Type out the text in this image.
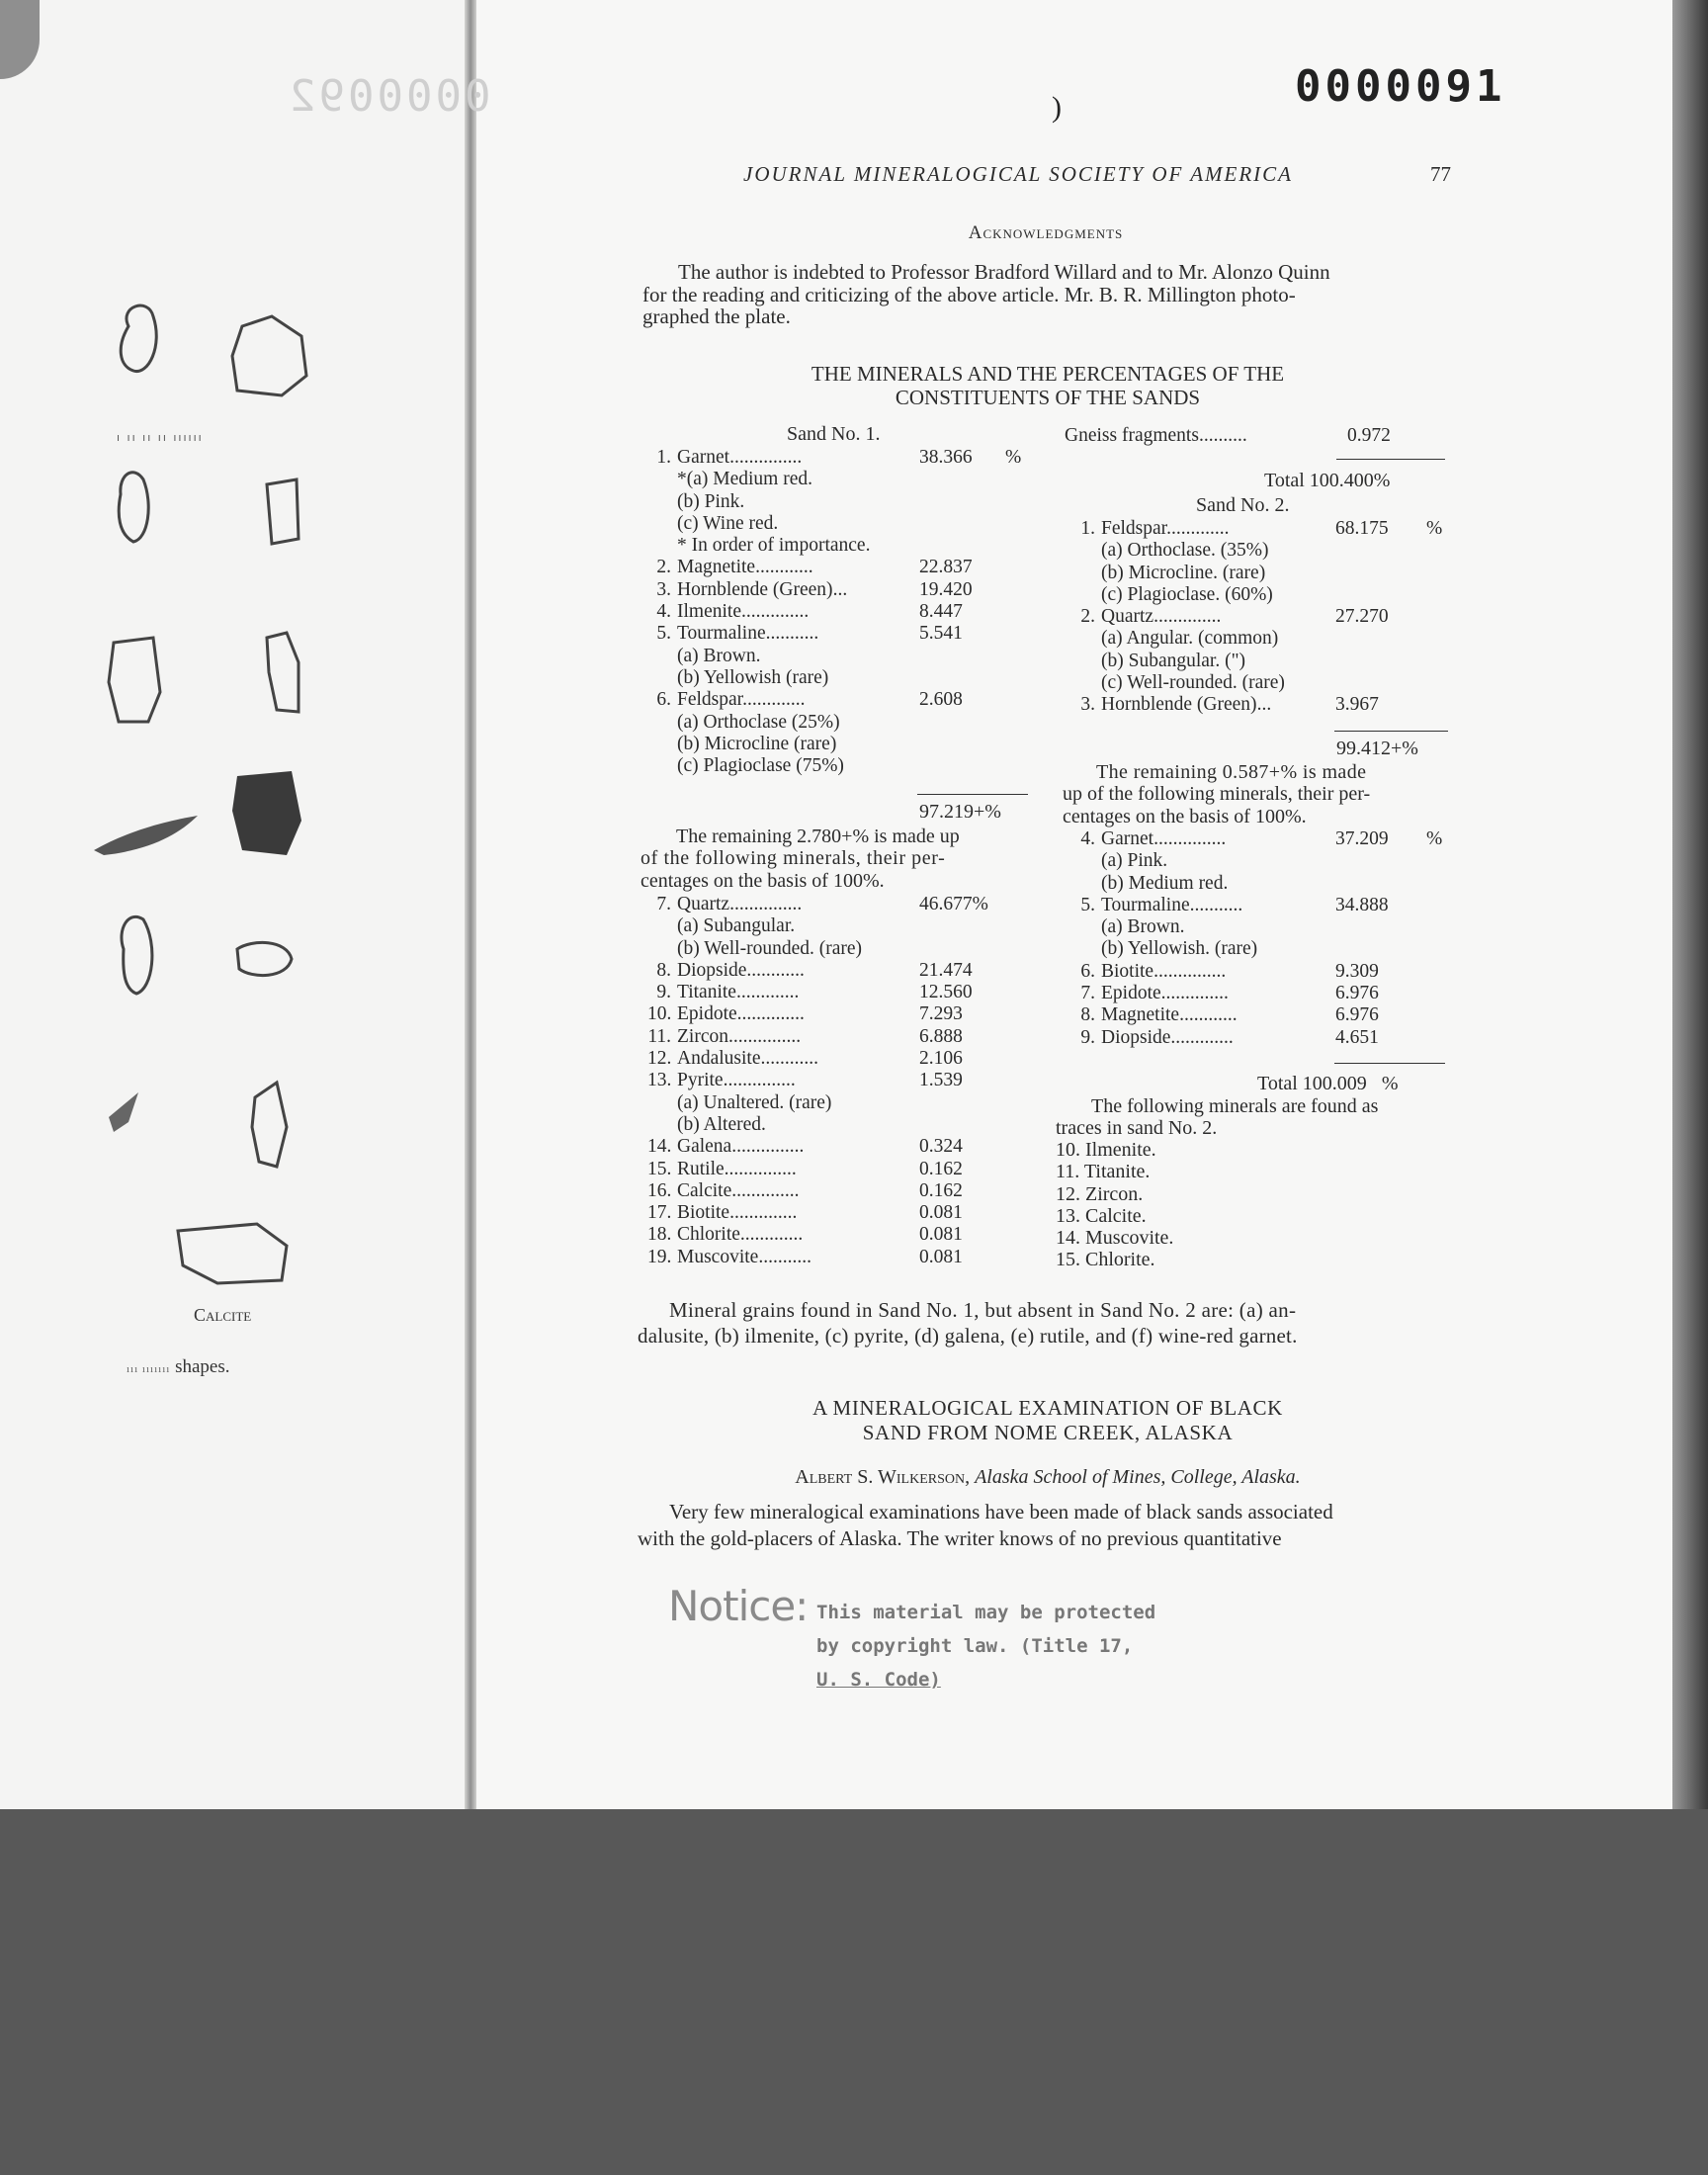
0000092
ı ıı ıı ıı ıııııı
Calcite
ııı ııııııı shapes.
0000091
)
JOURNAL MINERALOGICAL SOCIETY OF AMERICA	77
Acknowledgments
The author is indebted to Professor Bradford Willard and to Mr. Alonzo Quinn
for the reading and criticizing of the above article. Mr. B. R. Millington photo-
graphed the plate.
THE MINERALS AND THE PERCENTAGES OF THE
CONSTITUENTS OF THE SANDS
Sand No. 1.
1. Garnet...............	38.366 %
*(a) Medium red.
(b) Pink.
(c) Wine red.
* In order of importance.
2. Magnetite............	22.837
3. Hornblende (Green)...	19.420
4. Ilmenite..............	8.447
5. Tourmaline...........	5.541
(a) Brown.
(b) Yellowish (rare)
6. Feldspar.............	2.608
(a) Orthoclase (25%)
(b) Microcline (rare)
(c) Plagioclase (75%)
97.219+%
The remaining 2.780+% is made up
of the following minerals, their per-
centages on the basis of 100%.
7. Quartz...............	46.677%
(a) Subangular.
(b) Well-rounded. (rare)
8. Diopside............	21.474
9. Titanite.............	12.560
10. Epidote..............	7.293
11. Zircon...............	6.888
12. Andalusite............	2.106
13. Pyrite...............	1.539
(a) Unaltered. (rare)
(b) Altered.
14. Galena...............	0.324
15. Rutile...............	0.162
16. Calcite..............	0.162
17. Biotite..............	0.081
18. Chlorite.............	0.081
19. Muscovite...........	0.081
Gneiss fragments..........	0.972
Total 100.400%
Sand No. 2.
1. Feldspar.............	68.175 %
(a) Orthoclase. (35%)
(b) Microcline. (rare)
(c) Plagioclase. (60%)
2. Quartz..............	27.270
(a) Angular. (common)
(b) Subangular. (")
(c) Well-rounded. (rare)
3. Hornblende (Green)...	3.967
99.412+%
The remaining 0.587+% is made
up of the following minerals, their per-
centages on the basis of 100%.
4. Garnet...............	37.209 %
(a) Pink.
(b) Medium red.
5. Tourmaline...........	34.888
(a) Brown.
(b) Yellowish. (rare)
6. Biotite...............	9.309
7. Epidote..............	6.976
8. Magnetite............	6.976
9. Diopside.............	4.651
Total 100.009 %
The following minerals are found as
traces in sand No. 2.
10. Ilmenite.
11. Titanite.
12. Zircon.
13. Calcite.
14. Muscovite.
15. Chlorite.
Mineral grains found in Sand No. 1, but absent in Sand No. 2 are: (a) an-
dalusite, (b) ilmenite, (c) pyrite, (d) galena, (e) rutile, and (f) wine-red garnet.
A MINERALOGICAL EXAMINATION OF BLACK
SAND FROM NOME CREEK, ALASKA
Albert S. Wilkerson, Alaska School of Mines, College, Alaska.
Very few mineralogical examinations have been made of black sands associated
with the gold-placers of Alaska. The writer knows of no previous quantitative
Notice: This material may be protected
by copyright law. (Title 17,
U. S. Code)
